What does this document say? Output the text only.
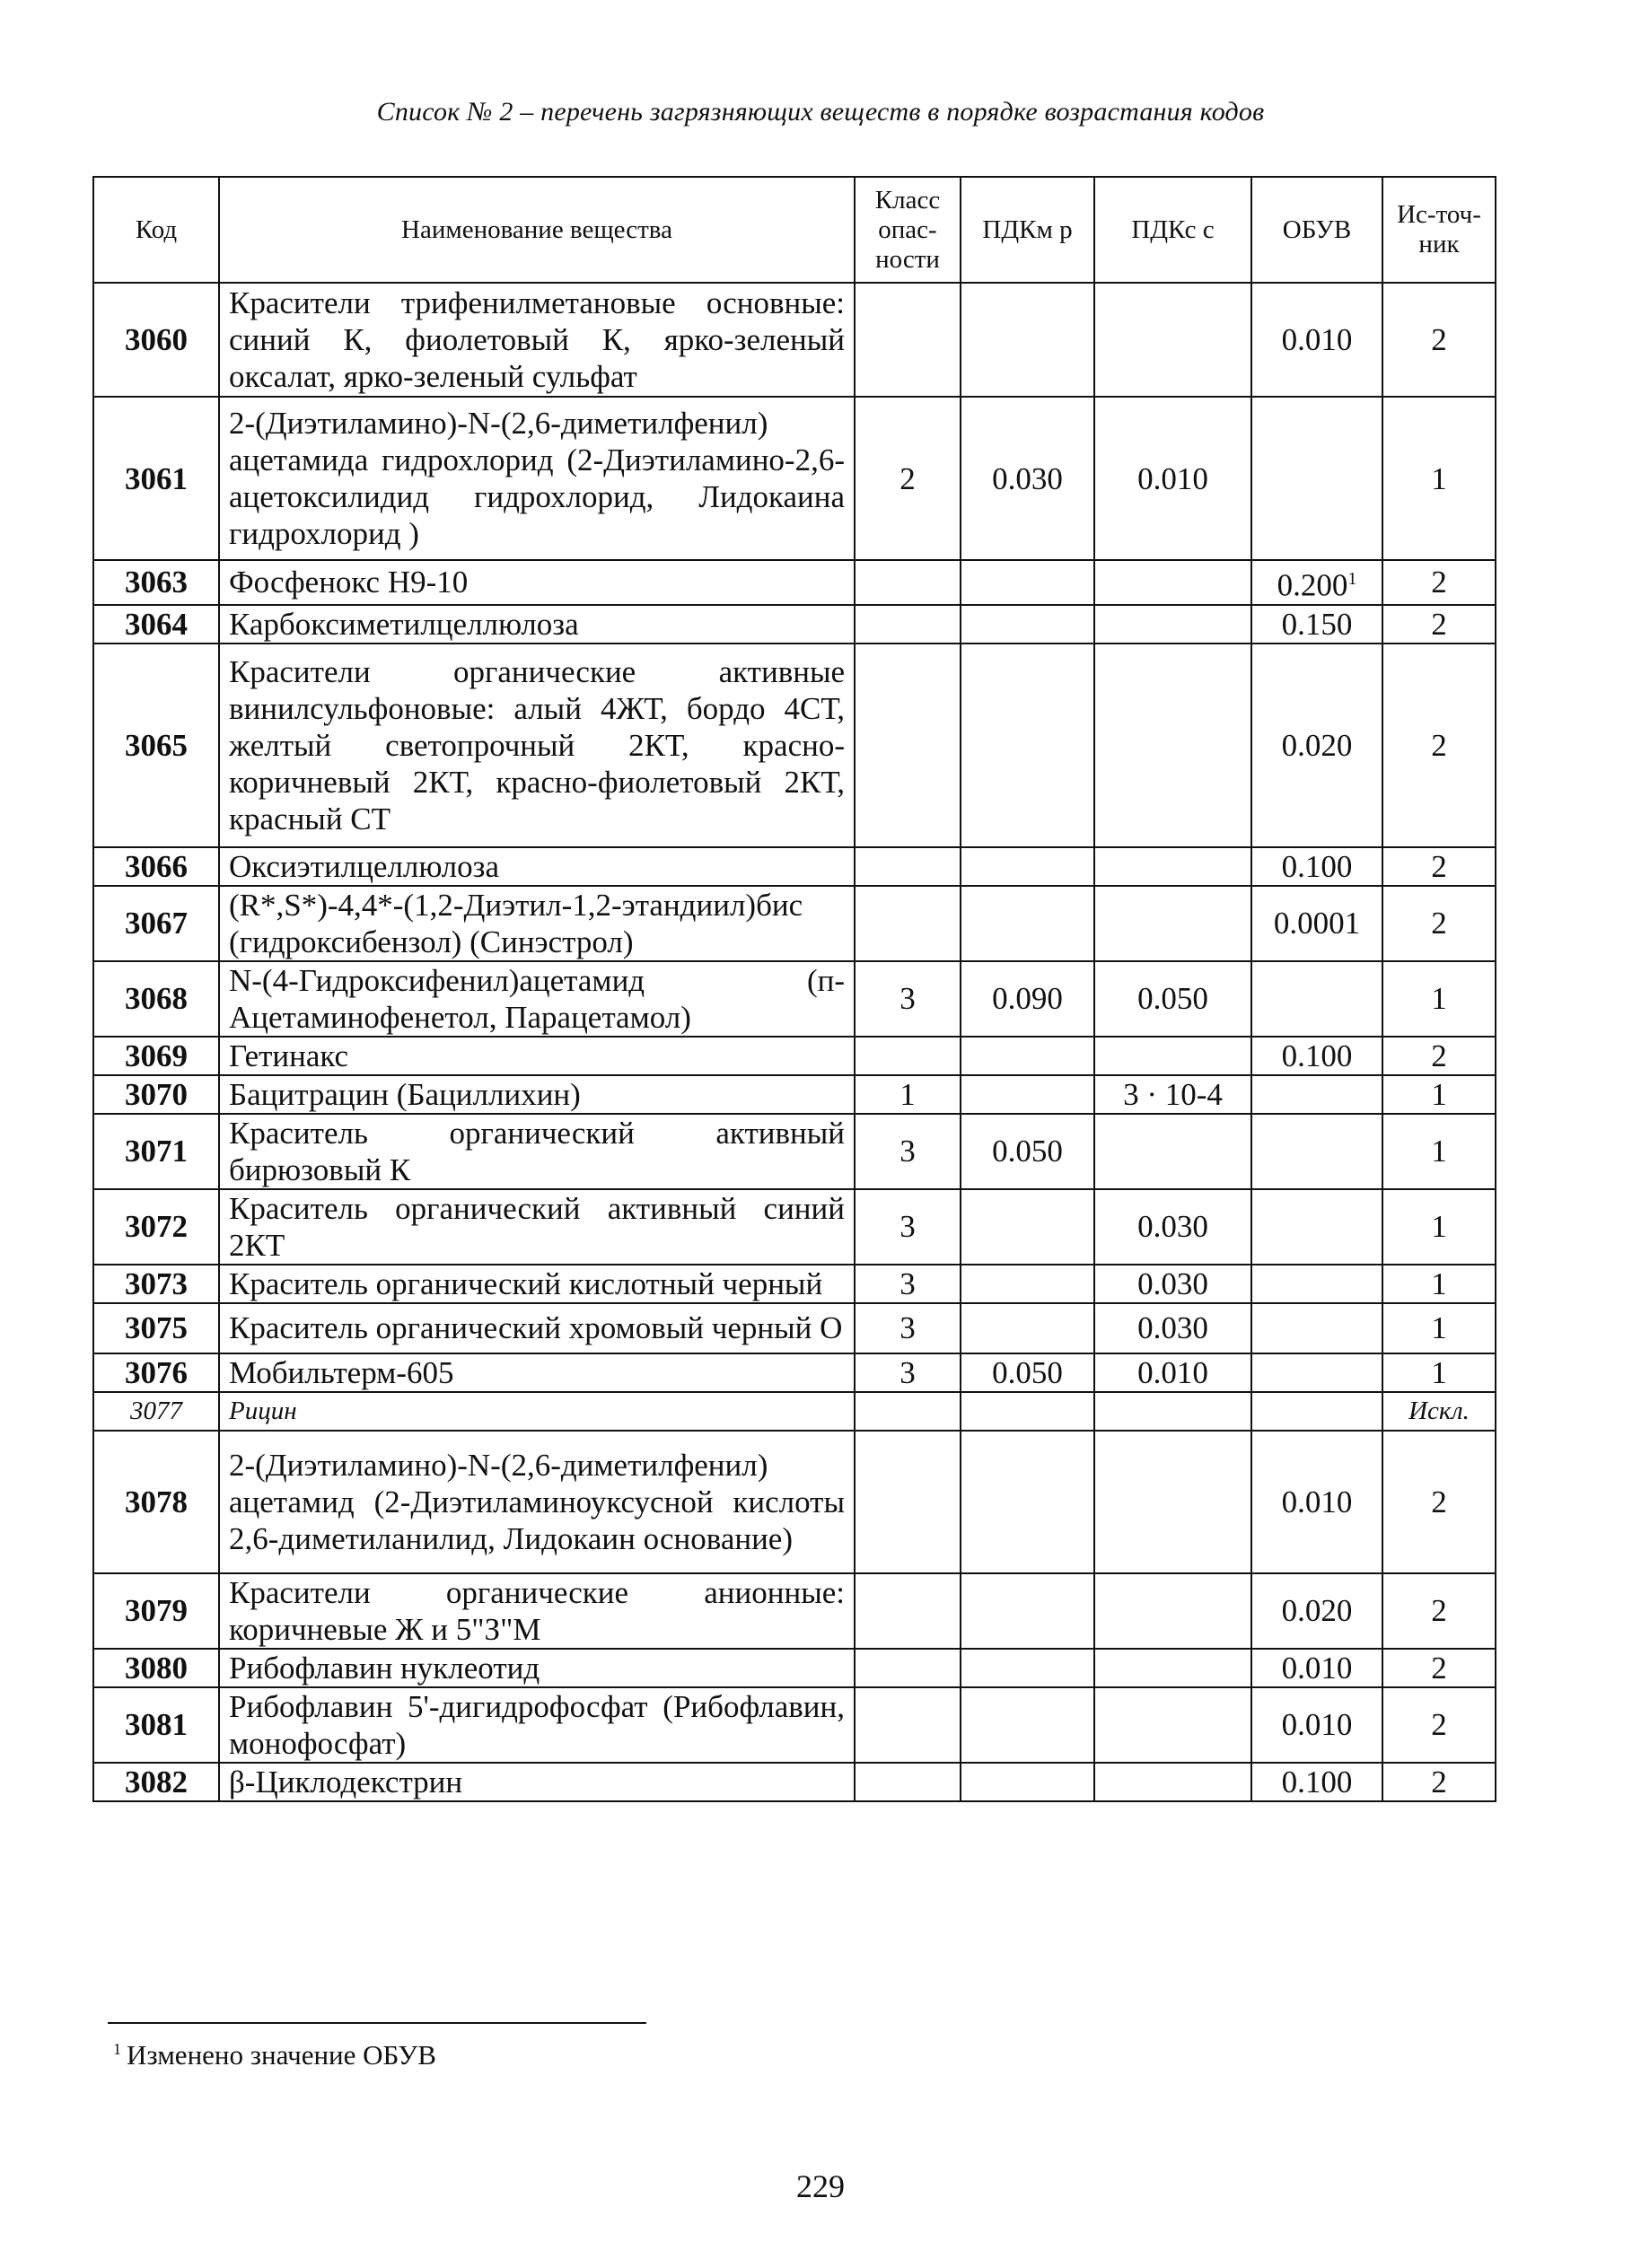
Список № 2 – перечень загрязняющих веществ в порядке возрастания кодов
Код	Наименование вещества	Класс опас-ности	ПДКм р	ПДКс с	ОБУВ	Ис-точ-ник
3060	Красители трифенилметановые основные: синий К, фиолетовый К, ярко-зеленый оксалат, ярко-зеленый сульфат				0.010	2
3061	2-(Диэтиламино)-N-(2,6-диметилфенил) ацетамида гидрохлорид (2-Диэтиламино-2,6-ацетоксилидид гидрохлорид, Лидокаина гидрохлорид )	2	0.030	0.010		1
3063	Фосфенокс Н9-10				0.200$^1$	2
3064	Карбоксиметилцеллюлоза				0.150	2
3065	Красители органические активные винилсульфоновые: алый 4ЖТ, бордо 4СТ, желтый светопрочный 2КТ, красно-коричневый 2КТ, красно-фиолетовый 2КТ, красный СТ				0.020	2
3066	Оксиэтилцеллюлоза				0.100	2
3067	(R*,S*)-4,4*-(1,2-Диэтил-1,2-этандиил)бис (гидроксибензол) (Синэстрол)				0.0001	2
3068	N-(4-Гидроксифенил)ацетамид (п-Ацетаминофенетол, Парацетамол)	3	0.090	0.050		1
3069	Гетинакс				0.100	2
3070	Бацитрацин (Бациллихин)	1		3 · 10-4		1
3071	Краситель органический активный бирюзовый К	3	0.050			1
3072	Краситель органический активный синий 2КТ	3		0.030		1
3073	Краситель органический кислотный черный	3		0.030		1
3075	Краситель органический хромовый черный О	3		0.030		1
3076	Мобильтерм-605	3	0.050	0.010		1
3077	Рицин					Искл.
3078	2-(Диэтиламино)-N-(2,6-диметилфенил) ацетамид (2-Диэтиламиноуксусной кислоты 2,6-диметиланилид, Лидокаин основание)				0.010	2
3079	Красители органические анионные: коричневые Ж и 5"З"М				0.020	2
3080	Рибофлавин нуклеотид				0.010	2
3081	Рибофлавин 5'-дигидрофосфат (Рибофлавин, монофосфат)				0.010	2
3082	β-Циклодекстрин				0.100	2
$^1$ Изменено значение ОБУВ
229
